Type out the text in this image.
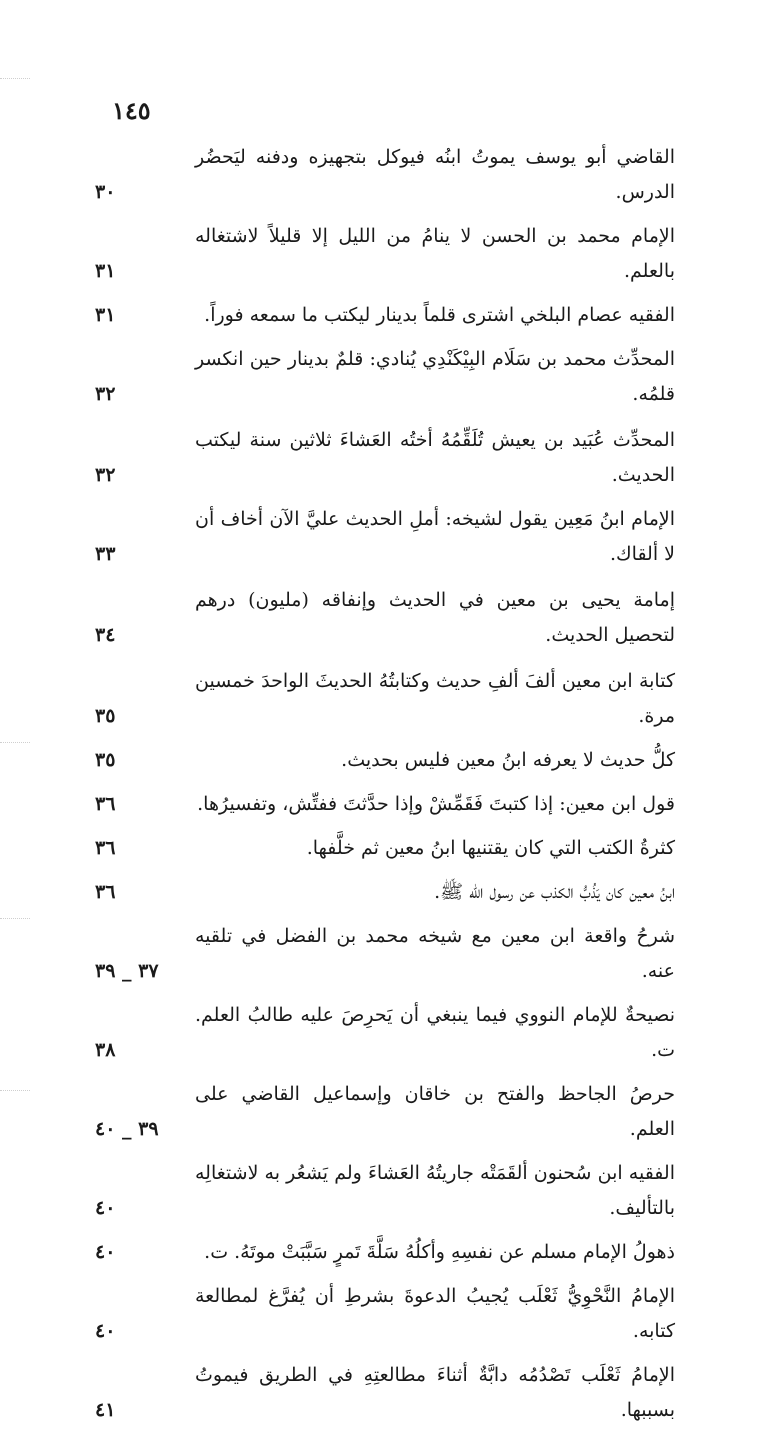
١٤٥
القاضي أبو يوسف يموتُ ابنُه فيوكل بتجهيزه ودفنه ليَحضُر الدرس.
٣٠
الإمام محمد بن الحسن لا ينامُ من الليل إلا قليلاً لاشتغاله بالعلم.
٣١
الفقيه عصام البلخي اشترى قلماً بدينار ليكتب ما سمعه فوراً.
٣١
المحدِّث محمد بن سَلَام البِيْكَنْدِي يُنادي: قلمٌ بدينار حين انكسر قلمُه.
٣٢
المحدِّث عُبَيد بن يعيش تُلَقِّمُهُ أختُه العَشاءَ ثلاثين سنة ليكتب الحديث.
٣٢
الإمام ابنُ مَعِين يقول لشيخه: أملِ الحديث عليَّ الآن أخاف أن لا ألقاك.
٣٣
إمامة يحيى بن معين في الحديث وإنفاقه (مليون) درهم لتحصيل الحديث.
٣٤
كتابة ابن معين ألفَ ألفِ حديث وكتابتُهُ الحديثَ الواحدَ خمسين مرة.
٣٥
كلُّ حديث لا يعرفه ابنُ معين فليس بحديث.
٣٥
قول ابن معين: إذا كتبتَ فَقَمِّشْ وإذا حدَّثتَ ففتِّش، وتفسيرُها.
٣٦
كثرةُ الكتب التي كان يقتنيها ابنُ معين ثم خلَّفها.
٣٦
ابنُ معين كان يَذُبُّ الكذب عن رسول الله ﷺ.
٣٦
شرحُ واقعة ابن معين مع شيخه محمد بن الفضل في تلقيه عنه.
٣٧ _ ٣٩
نصيحةٌ للإمام النووي فيما ينبغي أن يَحرِصَ عليه طالبُ العلم. ت.
٣٨
حرصُ الجاحظ والفتح بن خاقان وإسماعيل القاضي على العلم.
٣٩ _ ٤٠
الفقيه ابن سُحنون ألقَمَتْه جاريتُهُ العَشاءَ ولم يَشعُر به لاشتغالِه بالتأليف.
٤٠
ذهولُ الإمام مسلم عن نفسِهِ وأكلُهُ سَلَّةَ تَمرٍ سَبَّبَتْ موتَهُ. ت.
٤٠
الإمامُ النَّحْوِيُّ ثَعْلَب يُجيبُ الدعوةَ بشرطِ أن يُفرَّغ لمطالعة كتابه.
٤٠
الإمامُ ثَعْلَب تَصْدُمُه دابَّةٌ أثناءَ مطالعتِهِ في الطريق فيموتُ بسببها.
٤١
